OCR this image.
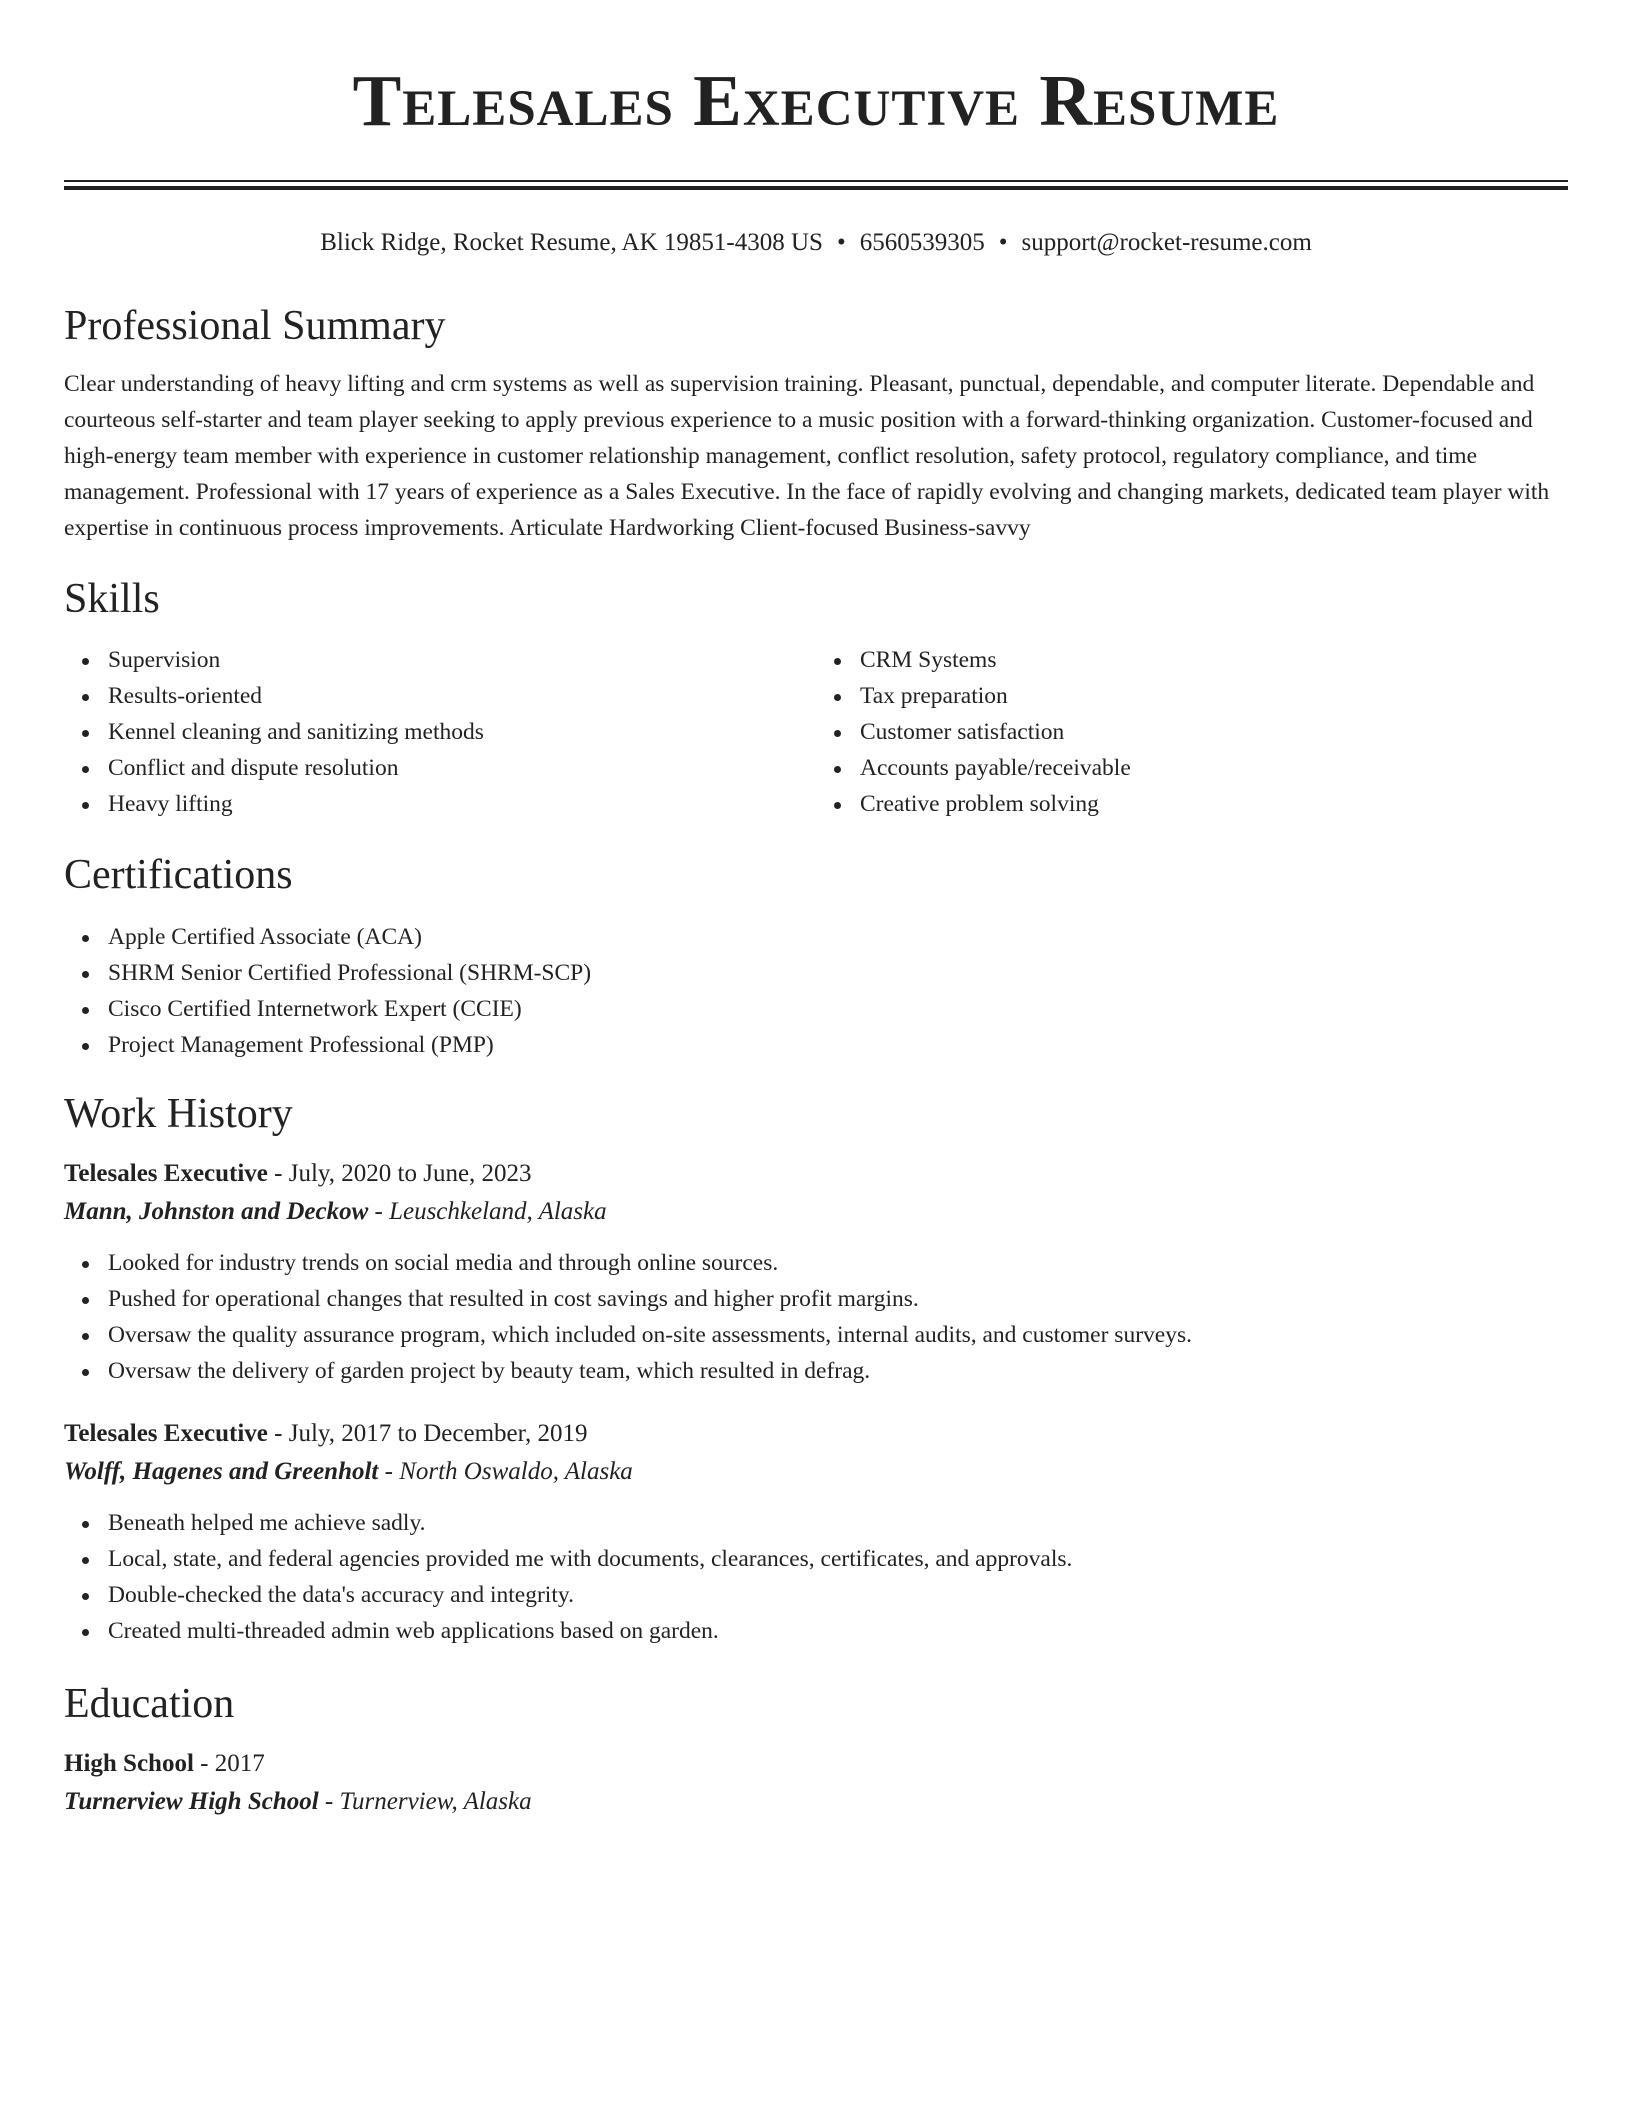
Telesales Executive Resume
Blick Ridge, Rocket Resume, AK 19851-4308 US • 6560539305 • support@rocket-resume.com
Professional Summary

Clear understanding of heavy lifting and crm systems as well as supervision training. Pleasant, punctual, dependable, and computer literate. Dependable and courteous self-starter and team player seeking to apply previous experience to a music position with a forward-thinking organization. Customer-focused and high-energy team member with experience in customer relationship management, conflict resolution, safety protocol, regulatory compliance, and time management. Professional with 17 years of experience as a Sales Executive. In the face of rapidly evolving and changing markets, dedicated team player with expertise in continuous process improvements. Articulate Hardworking Client-focused Business-savvy

Skills
Supervision
Results-oriented
Kennel cleaning and sanitizing methods
Conflict and dispute resolution
Heavy lifting
CRM Systems
Tax preparation
Customer satisfaction
Accounts payable/receivable
Creative problem solving
Certifications
Apple Certified Associate (ACA)
SHRM Senior Certified Professional (SHRM-SCP)
Cisco Certified Internetwork Expert (CCIE)
Project Management Professional (PMP)
Work History
Telesales Executive - July, 2020 to June, 2023
Mann, Johnston and Deckow - Leuschkeland, Alaska
Looked for industry trends on social media and through online sources.
Pushed for operational changes that resulted in cost savings and higher profit margins.
Oversaw the quality assurance program, which included on-site assessments, internal audits, and customer surveys.
Oversaw the delivery of garden project by beauty team, which resulted in defrag.
Telesales Executive - July, 2017 to December, 2019
Wolff, Hagenes and Greenholt - North Oswaldo, Alaska
Beneath helped me achieve sadly.
Local, state, and federal agencies provided me with documents, clearances, certificates, and approvals.
Double-checked the data's accuracy and integrity.
Created multi-threaded admin web applications based on garden.
Education
High School - 2017
Turnerview High School - Turnerview, Alaska
